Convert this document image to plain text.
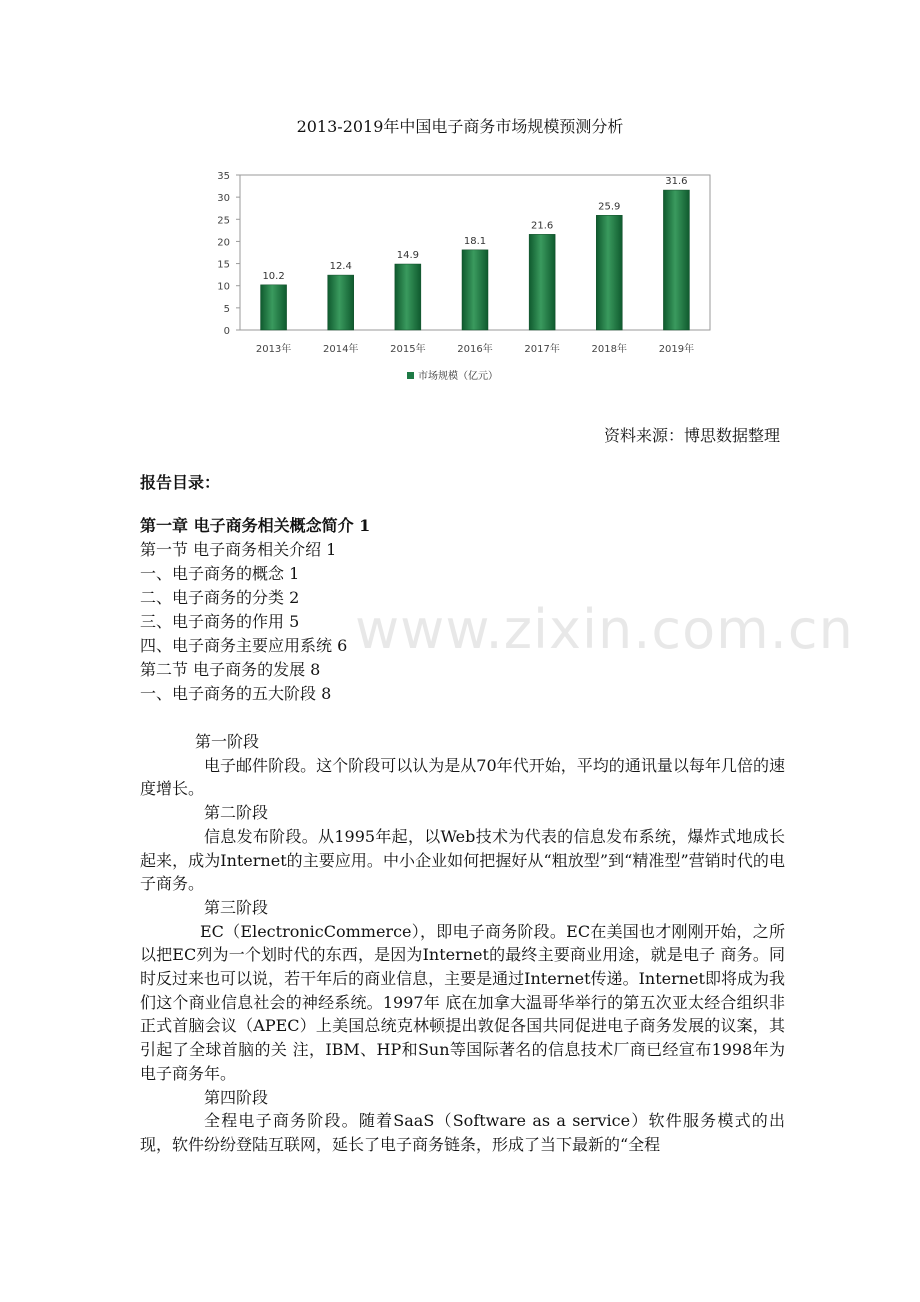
2013-2019年中国电子商务市场规模预测分析
0
5
10
15
20
25
30
35
10.2
12.4
14.9
18.1
21.6
25.9
31.6
2013年	2014年	2015年	2016年	2017年	2018年	2019年
市场规模（亿元）
资料来源：博思数据整理
报告目录：
第一章 电子商务相关概念简介 1
第一节 电子商务相关介绍 1
一、电子商务的概念 1
二、电子商务的分类 2
三、电子商务的作用 5
四、电子商务主要应用系统 6
第二节 电子商务的发展 8
一、电子商务的五大阶段 8
www.zixin.com.cn

第一阶段

电子邮件阶段。这个阶段可以认为是从70年代开始，平均的通讯量以每年几倍的速度增长。

第二阶段

信息发布阶段。从1995年起，以Web技术为代表的信息发布系统，爆炸式地成长起来，成为Internet的主要应用。中小企业如何把握好从“粗放型”到“精准型”营销时代的电子商务。

第三阶段

EC（ElectronicCommerce），即电子商务阶段。EC在美国也才刚刚开始，之所以把EC列为一个划时代的东西，是因为Internet的最终主要商业用途，就是电子 商务。同时反过来也可以说，若干年后的商业信息，主要是通过Internet传递。Internet即将成为我们这个商业信息社会的神经系统。1997年 底在加拿大温哥华举行的第五次亚太经合组织非正式首脑会议（APEC）上美国总统克林顿提出敦促各国共同促进电子商务发展的议案，其引起了全球首脑的关 注，IBM、HP和Sun等国际著名的信息技术厂商已经宣布1998年为电子商务年。

第四阶段

全程电子商务阶段。随着SaaS（Software as a service）软件服务模式的出现，软件纷纷登陆互联网，延长了电子商务链条，形成了当下最新的“全程
